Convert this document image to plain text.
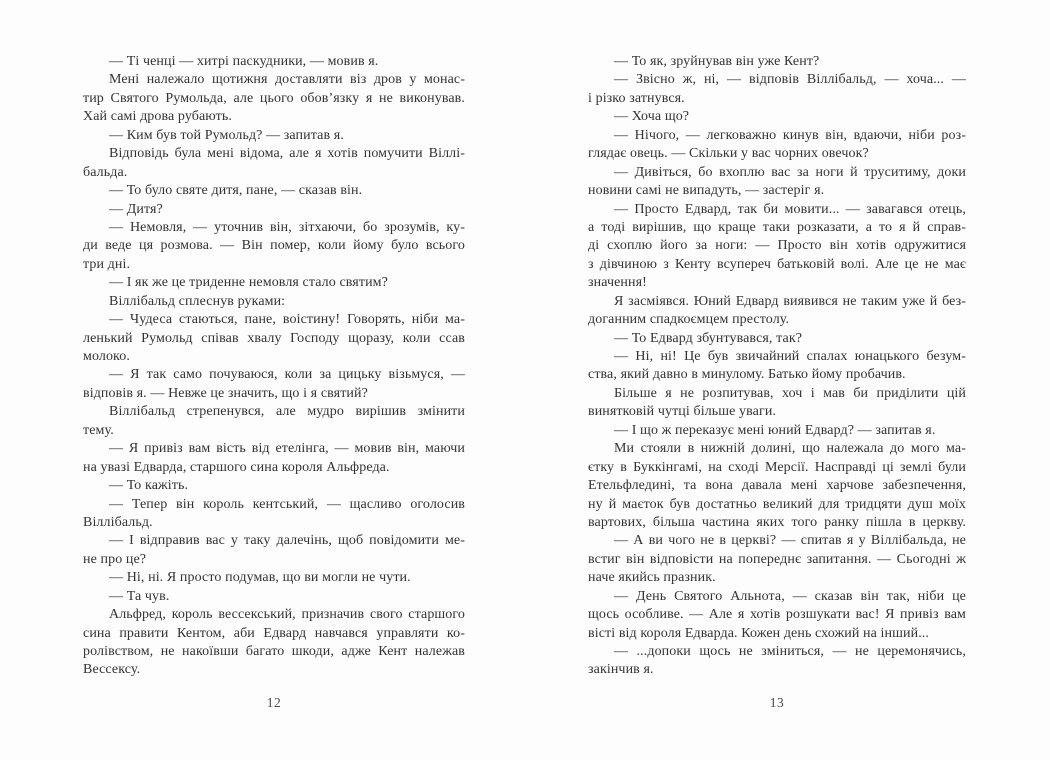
— Ті ченці — хитрі паскудники, — мовив я.
Мені належало щотижня доставляти віз дров у монас-
тир Святого Румольда, але цього обов’язку я не виконував.
Хай самі дрова рубають.
— Ким був той Румольд? — запитав я.
Відповідь була мені відома, але я хотів помучити Віллі-
бальда.
— То було святе дитя, пане, — сказав він.
— Дитя?
— Немовля, — уточнив він, зітхаючи, бо зрозумів, ку-
ди веде ця розмова. — Він помер, коли йому було всього
три дні.
— І як же це триденне немовля стало святим?
Віллібальд сплеснув руками:
— Чудеса стаються, пане, воістину! Говорять, ніби ма-
ленький Румольд співав хвалу Господу щоразу, коли ссав
молоко.
— Я так само почуваюся, коли за цицьку візьмуся, —
відповів я. — Невже це значить, що і я святий?
Віллібальд стрепенувся, але мудро вирішив змінити
тему.
— Я привіз вам вість від етелінга, — мовив він, маючи
на увазі Едварда, старшого сина короля Альфреда.
— То кажіть.
— Тепер він король кентський, — щасливо оголосив
Віллібальд.
— І відправив вас у таку далечінь, щоб повідомити ме-
не про це?
— Ні, ні. Я просто подумав, що ви могли не чути.
— Та чув.
Альфред, король вессекський, призначив свого старшого
сина правити Кентом, аби Едвард навчався управляти ко-
ролівством, не накоївши багато шкоди, адже Кент належав
Вессексу.
12
— То як, зруйнував він уже Кент?
— Звісно ж, ні, — відповів Віллібальд, — хоча... —
і різко затнувся.
— Хоча що?
— Нічого, — легковажно кинув він, вдаючи, ніби роз-
глядає овець. — Скільки у вас чорних овечок?
— Дивіться, бо вхоплю вас за ноги й труситиму, доки
новини самі не випадуть, — застеріг я.
— Просто Едвард, так би мовити... — завагався отець,
а тоді вирішив, що краще таки розказати, а то я й справ-
ді схоплю його за ноги: — Просто він хотів одружитися
з дівчиною з Кенту всупереч батьковій волі. Але це не має
значення!
Я засміявся. Юний Едвард виявився не таким уже й без-
доганним спадкоємцем престолу.
— То Едвард збунтувався, так?
— Ні, ні! Це був звичайний спалах юнацького безум-
ства, який давно в минулому. Батько йому пробачив.
Більше я не розпитував, хоч і мав би приділити цій
винятковій чутці більше уваги.
— І що ж переказує мені юний Едвард? — запитав я.
Ми стояли в нижній долині, що належала до мого ма-
єтку в Буккінгамі, на сході Мерсії. Насправді ці землі були
Етельфледині, та вона давала мені харчове забезпечення,
ну й маєток був достатньо великий для тридцяти душ моїх
вартових, більша частина яких того ранку пішла в церкву.
— А ви чого не в церкві? — спитав я у Віллібальда, не
встиг він відповісти на попереднє запитання. — Сьогодні ж
наче якийсь празник.
— День Святого Альнота, — сказав він так, ніби це
щось особливе. — Але я хотів розшукати вас! Я привіз вам
вісті від короля Едварда. Кожен день схожий на інший...
— ...допоки щось не зміниться, — не церемонячись,
закінчив я.
13
